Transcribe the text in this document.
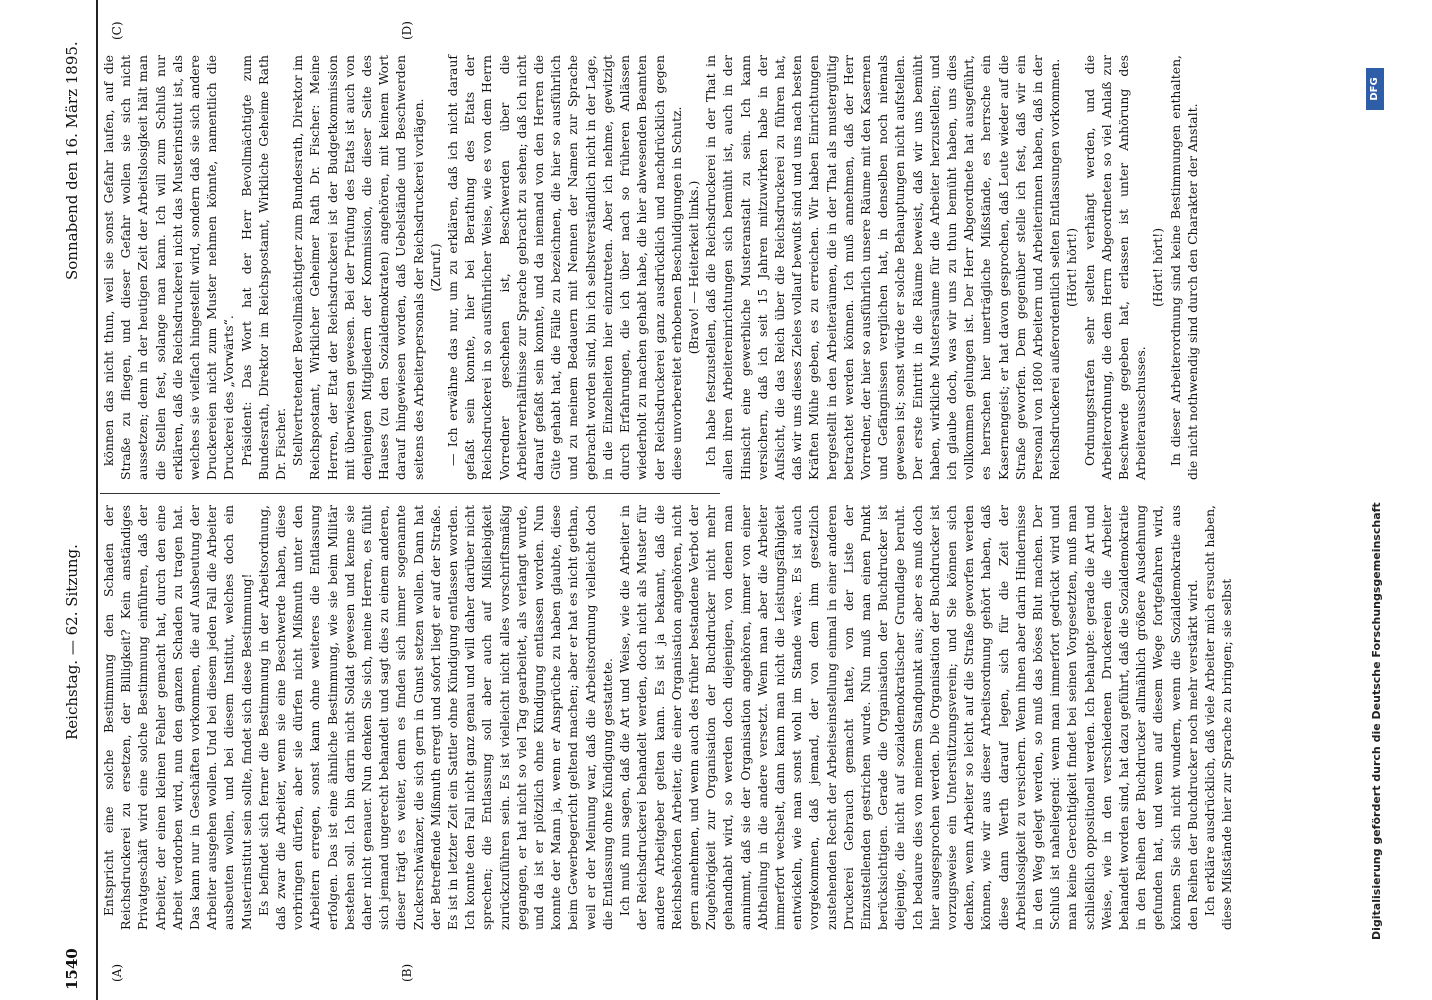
1540
Reichstag. — 62. Sitzung.
Sonnabend den 16. März 1895.
(A)	(B)
(C)	(D)

Entspricht eine solche Bestimmung den Schaden der Reichsdruckerei zu ersetzen, der Billigkeit? Kein anständiges Privatgeschäft wird eine solche Bestimmung einführen, daß der Arbeiter, der einen kleinen Fehler gemacht hat, durch den eine Arbeit verdorben wird, nun den ganzen Schaden zu tragen hat. Das kann nur in Geschäften vorkommen, die auf Ausbeutung der Arbeiter ausgehen wollen. Und bei diesem jeden Fall die Arbeiter ausbeuten wollen, und bei diesem Institut, welches doch ein Musterinstitut sein sollte, findet sich diese Bestimmung! Es befindet sich ferner die Bestimmung in der Arbeitsordnung, daß zwar die Arbeiter, wenn sie eine Beschwerde haben, diese vorbringen dürfen, aber sie dürfen nicht Mißmuth unter den Arbeitern erregen, sonst kann ohne weiteres die Entlassung erfolgen. Das ist eine ähnliche Bestimmung, wie sie beim Militär bestehen soll. Ich bin darin nicht Soldat gewesen und kenne sie daher nicht genauer. Nun denken Sie sich, meine Herren, es fühlt sich jemand ungerecht behandelt und sagt dies zu einem anderen, dieser trägt es weiter, denn es finden sich immer sogenannte Zuckerschwänzer, die sich gern in Gunst setzen wollen. Dann hat der Betreffende Mißmuth erregt und sofort liegt er auf der Straße. Es ist in letzter Zeit ein Sattler ohne Kündigung entlassen worden. Ich konnte den Fall nicht ganz genau und will daher darüber nicht sprechen; die Entlassung soll aber auch auf Mißliebigkeit zurückzuführen sein. Es ist vielleicht nicht alles vorschriftsmäßig gegangen, er hat nicht so viel Tag gearbeitet, als verlangt wurde, und da ist er plötzlich ohne Kündigung entlassen worden. Nun konnte der Mann ja, wenn er Ansprüche zu haben glaubte, diese beim Gewerbegericht geltend machen; aber er hat es nicht gethan, weil er der Meinung war, daß die Arbeitsordnung vielleicht doch die Entlassung ohne Kündigung gestattete. Ich muß nun sagen, daß die Art und Weise, wie die Arbeiter in der Reichsdruckerei behandelt werden, doch nicht als Muster für andere Arbeitgeber gelten kann. Es ist ja bekannt, daß die Reichsbehörden Arbeiter, die einer Organisation angehören, nicht gern annehmen, und wenn auch des früher bestandene Verbot der Zugehörigkeit zur Organisation der Buchdrucker nicht mehr gehandhabt wird, so werden doch diejenigen, von denen man annimmt, daß sie der Organisation angehören, immer von einer Abtheilung in die andere versetzt. Wenn man aber die Arbeiter immerfort wechselt, dann kann man nicht die Leistungsfähigkeit entwickeln, wie man sonst wohl im Stande wäre. Es ist auch vorgekommen, daß jemand, der von dem ihm gesetzlich zustehenden Recht der Arbeitseinstellung einmal in einer anderen Druckerei Gebrauch gemacht hatte, von der Liste der Einzustellenden gestrichen wurde. Nun muß man einen Punkt berücksichtigen. Gerade die Organisation der Buchdrucker ist diejenige, die nicht auf sozialdemokratischer Grundlage beruht. Ich bedaure dies von meinem Standpunkt aus; aber es muß doch hier ausgesprochen werden. Die Organisation der Buchdrucker ist vorzugsweise ein Unterstützungsverein; und Sie können sich denken, wenn Arbeiter so leicht auf die Straße geworfen werden können, wie wir aus dieser Arbeitsordnung gehört haben, daß diese dann Werth darauf legen, sich für die Zeit der Arbeitslosigkeit zu versichern. Wenn ihnen aber darin Hindernisse in den Weg gelegt werden, so muß das böses Blut machen. Der Schluß ist naheliegend: wenn man immerfort gedrückt wird und man keine Gerechtigkeit findet bei seinen Vorgesetzten, muß man schließlich oppositionell werden. Ich behaupte: gerade die Art und Weise, wie in den verschiedenen Druckereien die Arbeiter behandelt worden sind, hat dazu geführt, daß die Sozialdemokratie in den Reihen der Buchdrucker allmählich größere Ausdehnung gefunden hat, und wenn auf diesem Wege fortgefahren wird, können Sie sich nicht wundern, wenn die Sozialdemokratie aus den Reihen der Buchdrucker noch mehr verstärkt wird. Ich erkläre ausdrücklich, daß viele Arbeiter mich ersucht haben, diese Mißstände hier zur Sprache zu bringen; sie selbst

können das nicht thun, weil sie sonst Gefahr laufen, auf die Straße zu fliegen, und dieser Gefahr wollen sie sich nicht aussetzen; denn in der heutigen Zeit der Arbeitslosigkeit hält man die Stellen fest, solange man kann. Ich will zum Schluß nur erklären, daß die Reichsdruckerei nicht das Musterinstitut ist, als welches sie vielfach hingestellt wird, sondern daß sie sich andere Druckereien nicht zum Muster nehmen könnte, namentlich die Druckerei des „Vorwärts“. Präsident: Das Wort hat der Herr Bevollmächtigte zum Bundesrath, Direktor im Reichspostamt, Wirkliche Geheime Rath Dr. Fischer. Stellvertretender Bevollmächtigter zum Bundesrath, Direktor im Reichspostamt, Wirklicher Geheimer Rath Dr. Fischer: Meine Herren, der Etat der Reichsdruckerei ist der Budgetkommission mit überwiesen gewesen. Bei der Prüfung des Etats ist auch von denjenigen Mitgliedern der Kommission, die dieser Seite des Hauses (zu den Sozialdemokraten) angehören, mit keinem Wort darauf hingewiesen worden, daß Uebelstände und Beschwerden seitens des Arbeiterpersonals der Reichsdruckerei vorlägen. (Zuruf.) — Ich erwähne das nur, um zu erklären, daß ich nicht darauf gefaßt sein konnte, hier bei Berathung des Etats der Reichsdruckerei in so ausführlicher Weise, wie es von dem Herrn Vorredner geschehen ist, Beschwerden über die Arbeiterverhältnisse zur Sprache gebracht zu sehen; daß ich nicht darauf gefaßt sein konnte, und da niemand von den Herren die Güte gehabt hat, die Fälle zu bezeichnen, die hier so ausführlich und zu meinem Bedauern mit Nennen der Namen zur Sprache gebracht worden sind, bin ich selbstverständlich nicht in der Lage, in die Einzelheiten hier einzutreten. Aber ich nehme, gewitzigt durch Erfahrungen, die ich über nach so früheren Anlässen wiederholt zu machen gehabt habe, die hier abwesenden Beamten der Reichsdruckerei ganz ausdrücklich und nachdrücklich gegen diese unvorbereitet erhobenen Beschuldigungen in Schutz. (Bravo! — Heiterkeit links.) Ich habe festzustellen, daß die Reichsdruckerei in der That in allen ihren Arbeitereinrichtungen sich bemüht ist, auch in der Hinsicht eine gewerbliche Musteranstalt zu sein. Ich kann versichern, daß ich seit 15 Jahren mitzuwirken habe in der Aufsicht, die das Reich über die Reichsdruckerei zu führen hat, daß wir uns dieses Zieles vollauf bewußt sind und uns nach besten Kräften Mühe geben, es zu erreichen. Wir haben Einrichtungen hergestellt in den Arbeiteräumen, die in der That als mustergültig betrachtet werden können. Ich muß annehmen, daß der Herr Vorredner, der hier so ausführlich unsere Räume mit den Kasernen und Gefängnissen verglichen hat, in denselben noch niemals gewesen ist; sonst würde er solche Behauptungen nicht aufstellen. Der erste Eintritt in die Räume beweist, daß wir uns bemüht haben, wirkliche Mustersäume für die Arbeiter herzustellen; und ich glaube doch, was wir uns zu thun bemüht haben, uns dies vollkommen gelungen ist. Der Herr Abgeordnete hat ausgeführt, es herrschen hier unerträgliche Mißstände, es herrsche ein Kasernengeist; er hat davon gesprochen, daß Leute wieder auf die Straße geworfen. Dem gegenüber stelle ich fest, daß wir ein Personal von 1800 Arbeitern und Arbeiterinnen haben, daß in der Reichsdruckerei außerordentlich selten Entlassungen vorkommen. (Hört! hört!) Ordnungsstrafen sehr selten verhängt werden, und die Arbeiterordnung, die dem Herrn Abgeordneten so viel Anlaß zur Beschwerde gegeben hat, erlassen ist unter Anhörung des Arbeiterausschusses.

(Hört! hört!) In dieser Arbeiterordnung sind keine Bestimmungen enthalten, die nicht nothwendig sind durch den Charakter der Anstalt.

Digitalisierung gefördert durch die Deutsche Forschungsgemeinschaft
DFG
